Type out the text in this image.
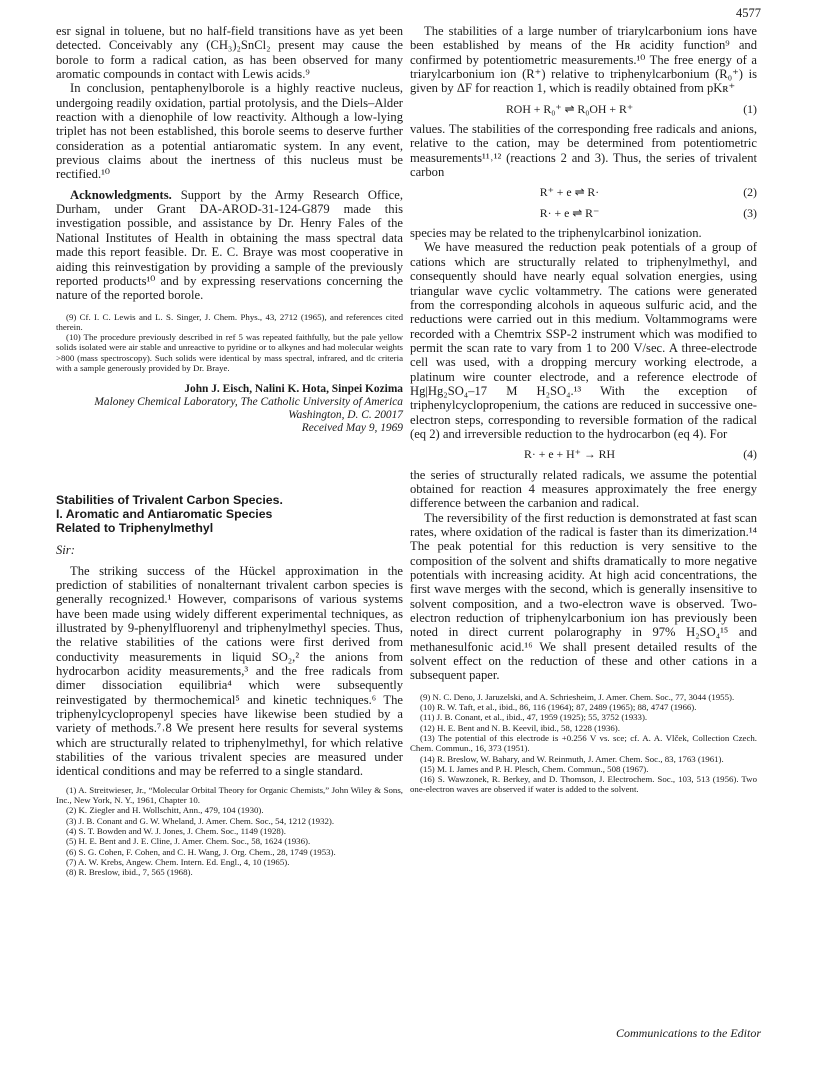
4577

esr signal in toluene, but no half-field transitions have as yet been detected. Conceivably any (CH₃)₂SnCl₂ present may cause the borole to form a radical cation, as has been observed for many aromatic compounds in contact with Lewis acids.⁹

In conclusion, pentaphenylborole is a highly reactive nucleus, undergoing readily oxidation, partial protolysis, and the Diels–Alder reaction with a dienophile of low reactivity. Although a low-lying triplet has not been established, this borole seems to deserve further consideration as a potential antiaromatic system. In any event, previous claims about the inertness of this nucleus must be rectified.¹⁰

Acknowledgments. Support by the Army Research Office, Durham, under Grant DA-AROD-31-124-G879 made this investigation possible, and assistance by Dr. Henry Fales of the National Institutes of Health in obtaining the mass spectral data made this report feasible. Dr. E. C. Braye was most cooperative in aiding this reinvestigation by providing a sample of the previously reported products¹⁰ and by expressing reservations concerning the nature of the reported borole.

(9) Cf. I. C. Lewis and L. S. Singer, J. Chem. Phys., 43, 2712 (1965), and references cited therein.

(10) The procedure previously described in ref 5 was repeated faithfully, but the pale yellow solids isolated were air stable and unreactive to pyridine or to alkynes and had molecular weights >800 (mass spectroscopy). Such solids were identical by mass spectral, infrared, and tlc criteria with a sample generously provided by Dr. Braye.

John J. Eisch, Nalini K. Hota, Sinpei Kozima
Maloney Chemical Laboratory, The Catholic University of America
Washington, D. C. 20017
Received May 9, 1969
Stabilities of Trivalent Carbon Species.
I. Aromatic and Antiaromatic Species
Related to Triphenylmethyl

Sir:

The striking success of the Hückel approximation in the prediction of stabilities of nonalternant trivalent carbon species is generally recognized.¹ However, comparisons of various systems have been made using widely different experimental techniques, as illustrated by 9-phenylfluorenyl and triphenylmethyl species. Thus, the relative stabilities of the cations were first derived from conductivity measurements in liquid SO₂,² the anions from hydrocarbon acidity measurements,³ and the free radicals from dimer dissociation equilibria⁴ which were subsequently reinvestigated by thermochemical⁵ and kinetic techniques.⁶ The triphenylcyclopropenyl species have likewise been studied by a variety of methods.⁷˒8 We present here results for several systems which are structurally related to triphenylmethyl, for which relative stabilities of the various trivalent species are measured under identical conditions and may be referred to a single standard.

(1) A. Streitwieser, Jr., “Molecular Orbital Theory for Organic Chemists,” John Wiley & Sons, Inc., New York, N. Y., 1961, Chapter 10.

(2) K. Ziegler and H. Wollschitt, Ann., 479, 104 (1930).

(3) J. B. Conant and G. W. Wheland, J. Amer. Chem. Soc., 54, 1212 (1932).

(4) S. T. Bowden and W. J. Jones, J. Chem. Soc., 1149 (1928).

(5) H. E. Bent and J. E. Cline, J. Amer. Chem. Soc., 58, 1624 (1936).

(6) S. G. Cohen, F. Cohen, and C. H. Wang, J. Org. Chem., 28, 1749 (1953).

(7) A. W. Krebs, Angew. Chem. Intern. Ed. Engl., 4, 10 (1965).

(8) R. Breslow, ibid., 7, 565 (1968).

The stabilities of a large number of triarylcarbonium ions have been established by means of the Hʀ acidity function⁹ and confirmed by potentiometric measurements.¹⁰ The free energy of a triarylcarbonium ion (R⁺) relative to triphenylcarbonium (R₀⁺) is given by ΔF for reaction 1, which is readily obtained from pKʀ⁺

ROH + R₀⁺ ⇌ R₀OH + R⁺	(1)

values. The stabilities of the corresponding free radicals and anions, relative to the cation, may be determined from potentiometric measurements¹¹˒¹² (reactions 2 and 3). Thus, the series of trivalent carbon

R⁺ + e ⇌ R·	(2)
R· + e ⇌ R⁻	(3)

species may be related to the triphenylcarbinol ionization.

We have measured the reduction peak potentials of a group of cations which are structurally related to triphenylmethyl, and consequently should have nearly equal solvation energies, using triangular wave cyclic voltammetry. The cations were generated from the corresponding alcohols in aqueous sulfuric acid, and the reductions were carried out in this medium. Voltammograms were recorded with a Chemtrix SSP-2 instrument which was modified to permit the scan rate to vary from 1 to 200 V/sec. A three-electrode cell was used, with a dropping mercury working electrode, a platinum wire counter electrode, and a reference electrode of Hg|Hg₂SO₄–17 M H₂SO₄.¹³ With the exception of triphenylcyclopropenium, the cations are reduced in successive one-electron steps, corresponding to reversible formation of the radical (eq 2) and irreversible reduction to the hydrocarbon (eq 4). For

R· + e + H⁺ → RH	(4)

the series of structurally related radicals, we assume the potential obtained for reaction 4 measures approximately the free energy difference between the carbanion and radical.

The reversibility of the first reduction is demonstrated at fast scan rates, where oxidation of the radical is faster than its dimerization.¹⁴ The peak potential for this reduction is very sensitive to the composition of the solvent and shifts dramatically to more negative potentials with increasing acidity. At high acid concentrations, the first wave merges with the second, which is generally insensitive to solvent composition, and a two-electron wave is observed. Two-electron reduction of triphenylcarbonium ion has previously been noted in direct current polarography in 97% H₂SO₄¹⁵ and methanesulfonic acid.¹⁶ We shall present detailed results of the solvent effect on the reduction of these and other cations in a subsequent paper.

(9) N. C. Deno, J. Jaruzelski, and A. Schriesheim, J. Amer. Chem. Soc., 77, 3044 (1955).

(10) R. W. Taft, et al., ibid., 86, 116 (1964); 87, 2489 (1965); 88, 4747 (1966).

(11) J. B. Conant, et al., ibid., 47, 1959 (1925); 55, 3752 (1933).

(12) H. E. Bent and N. B. Keevil, ibid., 58, 1228 (1936).

(13) The potential of this electrode is +0.256 V vs. sce; cf. A. A. Vlček, Collection Czech. Chem. Commun., 16, 373 (1951).

(14) R. Breslow, W. Bahary, and W. Reinmuth, J. Amer. Chem. Soc., 83, 1763 (1961).

(15) M. I. James and P. H. Plesch, Chem. Commun., 508 (1967).

(16) S. Wawzonek, R. Berkey, and D. Thomson, J. Electrochem. Soc., 103, 513 (1956). Two one-electron waves are observed if water is added to the solvent.

Communications to the Editor
